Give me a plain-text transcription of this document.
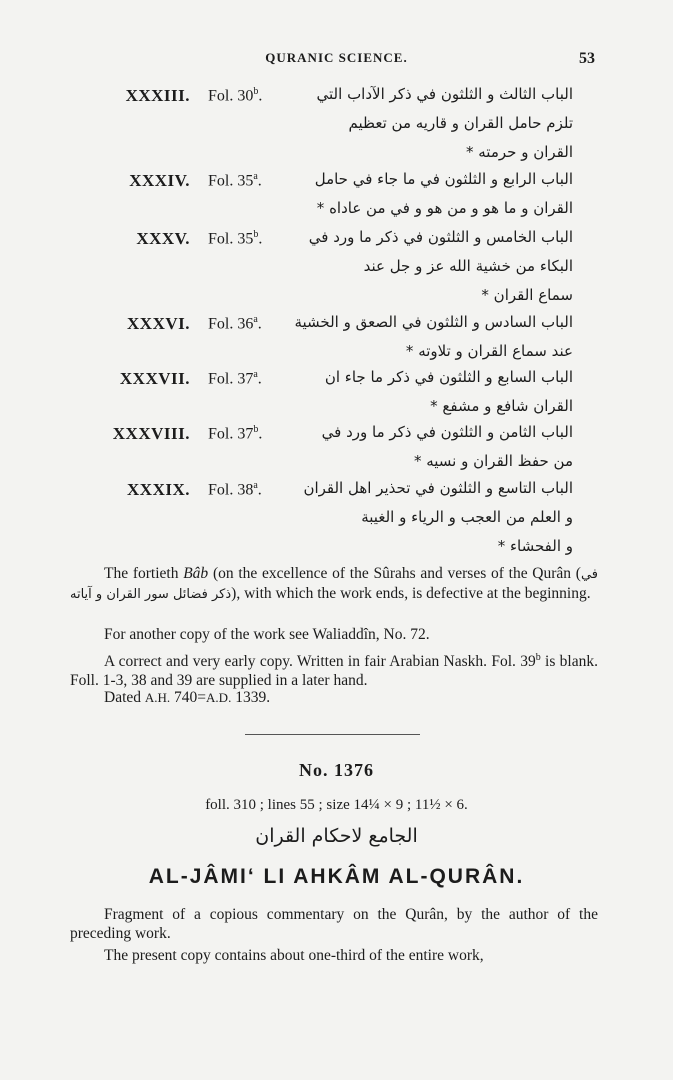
QURANIC SCIENCE.	53
XXXIII. Fol. 30$^b$.	الباب الثالث و الثلثون في ذكر الآداب التي
تلزم حامل القران و قاريه من تعظيم
القران و حرمته *
XXXIV. Fol. 35$^a$.	الباب الرابع و الثلثون في ما جاء في حامل
القران و ما هو و من هو و في من عاداه *
XXXV. Fol. 35$^b$.	الباب الخامس و الثلثون في ذكر ما ورد في
البكاء من خشية الله عز و جل عند
سماع القران *
XXXVI. Fol. 36$^a$. الباب السادس و الثلثون في الصعق و الخشية
عند سماع القران و تلاوته *
XXXVII. Fol. 37$^a$.	الباب السابع و الثلثون في ذكر ما جاء ان
القران شافع و مشفع *
XXXVIII. Fol. 37$^b$.	الباب الثامن و الثلثون في ذكر ما ورد في
من حفظ القران و نسيه *
XXXIX. Fol. 38$^a$.	الباب التاسع و الثلثون في تحذير اهل القران
و العلم من العجب و الرياء و الغيبة
و الفحشاء *
The fortieth Bâb (on the excellence of the Sûrahs and verses of the Qurân (في ذكر فضائل سور القران و آياته), with which the work ends, is defective at the beginning.
For another copy of the work see Waliaddîn, No. 72.
A correct and very early copy. Written in fair Arabian Naskh. Fol. 39$^b$ is blank. Foll. 1-3, 38 and 39 are supplied in a later hand.
Dated A.H. 740=A.D. 1339.
No. 1376
foll. 310 ; lines 55 ; size 14¼ × 9 ; 11½ × 6.
الجامع لاحكام القران
AL-JÂMI‘ LI AHKÂM AL-QURÂN.
Fragment of a copious commentary on the Qurân, by the author of the preceding work.
The present copy contains about one-third of the entire work,
